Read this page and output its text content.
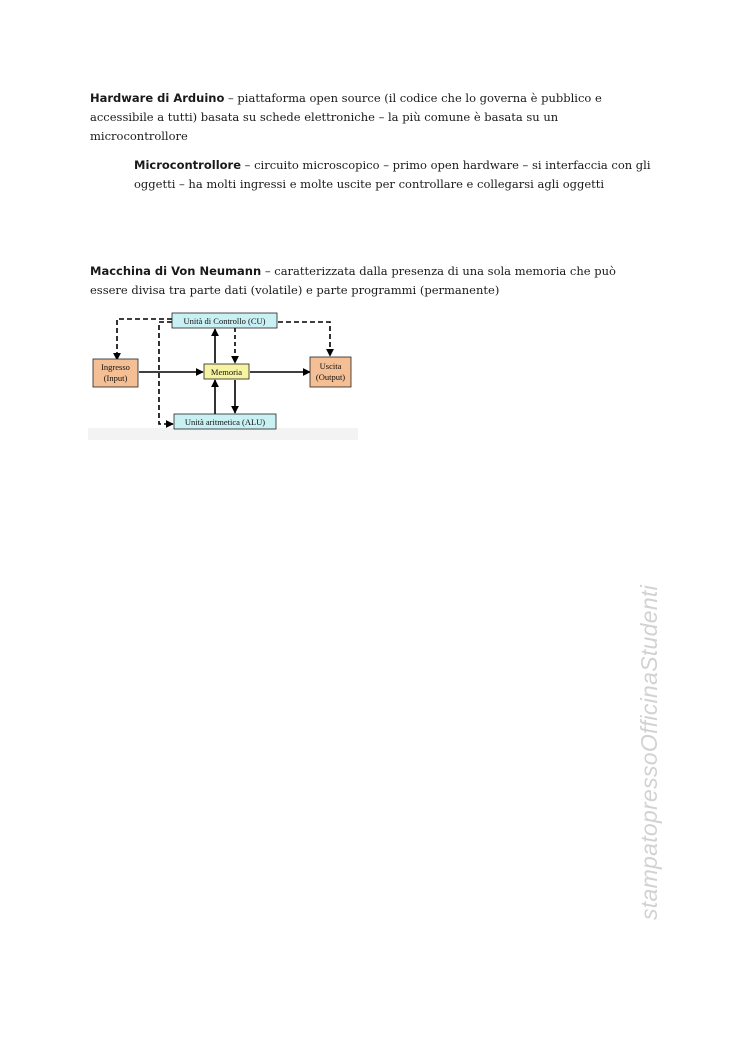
Hardware di Arduino – piattaforma open source (il codice che lo governa è pubblico e accessibile a tutti) basata su schede elettroniche – la più comune è basata su un microcontrollore
Microcontrollore – circuito microscopico – primo open hardware – si interfaccia con gli oggetti – ha molti ingressi e molte uscite per controllare e collegarsi agli oggetti
Macchina di Von Neumann – caratterizzata dalla presenza di una sola memoria che può essere divisa tra parte dati (volatile) e parte programmi (permanente)
Unità di Controllo (CU)
Ingresso
(Input)
Memoria
Uscita
(Output)
Unità aritmetica (ALU)
stampatopressoOfficinaStudenti
